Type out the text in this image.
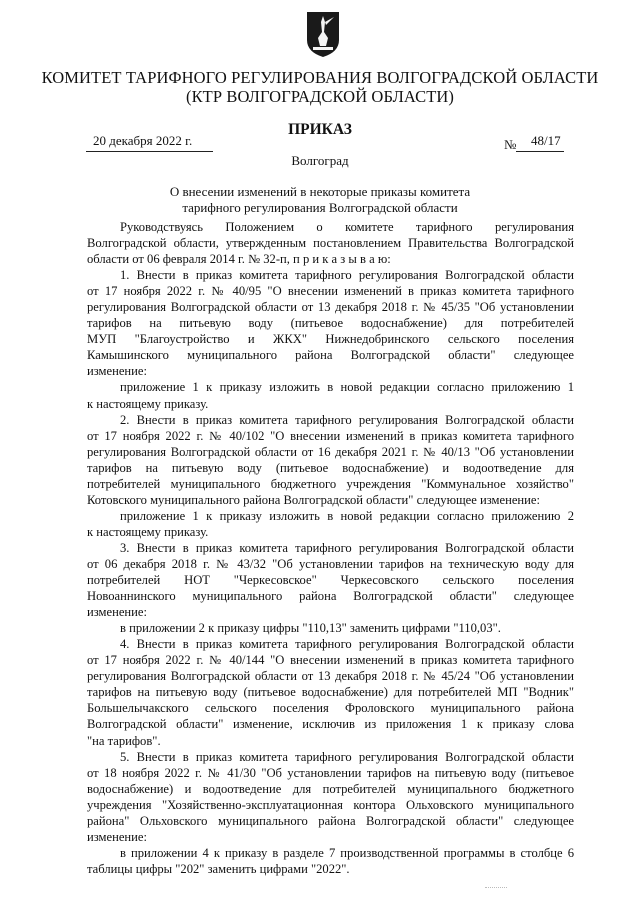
КОМИТЕТ ТАРИФНОГО РЕГУЛИРОВАНИЯ ВОЛГОГРАДСКОЙ ОБЛАСТИ
(КТР ВОЛГОГРАДСКОЙ ОБЛАСТИ)
ПРИКАЗ
20 декабря 2022 г.	№ 48/17
Волгоград
О внесении изменений в некоторые приказы комитета
тарифного регулирования Волгоградской области
Руководствуясь Положением о комитете тарифного регулирования
Волгоградской области, утвержденным постановлением Правительства Волгоградской
области от 06 февраля 2014 г. № 32-п, п р и к а з ы в а ю:
1. Внести в приказ комитета тарифного регулирования Волгоградской области
от 17 ноября 2022 г. № 40/95 "О внесении изменений в приказ комитета тарифного
регулирования Волгоградской области от 13 декабря 2018 г. № 45/35 "Об установлении
тарифов на питьевую воду (питьевое водоснабжение) для потребителей
МУП "Благоустройство и ЖКХ" Нижнедобринского сельского поселения
Камышинского муниципального района Волгоградской области" следующее
изменение:
приложение 1 к приказу изложить в новой редакции согласно приложению 1
к настоящему приказу.
2. Внести в приказ комитета тарифного регулирования Волгоградской области
от 17 ноября 2022 г. № 40/102 "О внесении изменений в приказ комитета тарифного
регулирования Волгоградской области от 16 декабря 2021 г. № 40/13 "Об установлении
тарифов на питьевую воду (питьевое водоснабжение) и водоотведение для
потребителей муниципального бюджетного учреждения "Коммунальное хозяйство"
Котовского муниципального района Волгоградской области" следующее изменение:
приложение 1 к приказу изложить в новой редакции согласно приложению 2
к настоящему приказу.
3. Внести в приказ комитета тарифного регулирования Волгоградской области
от 06 декабря 2018 г. № 43/32 "Об установлении тарифов на техническую воду для
потребителей НОТ "Черкесовское" Черкесовского сельского поселения
Новоаннинского муниципального района Волгоградской области" следующее
изменение:
в приложении 2 к приказу цифры "110,13" заменить цифрами "110,03".
4. Внести в приказ комитета тарифного регулирования Волгоградской области
от 17 ноября 2022 г. № 40/144 "О внесении изменений в приказ комитета тарифного
регулирования Волгоградской области от 13 декабря 2018 г. № 45/24 "Об установлении
тарифов на питьевую воду (питьевое водоснабжение) для потребителей МП "Водник"
Большелычакского сельского поселения Фроловского муниципального района
Волгоградской области" изменение, исключив из приложения 1 к приказу слова
"на тарифов".
5. Внести в приказ комитета тарифного регулирования Волгоградской области
от 18 ноября 2022 г. № 41/30 "Об установлении тарифов на питьевую воду (питьевое
водоснабжение) и водоотведение для потребителей муниципального бюджетного
учреждения "Хозяйственно-эксплуатационная контора Ольховского муниципального
района" Ольховского муниципального района Волгоградской области" следующее
изменение:
в приложении 4 к приказу в разделе 7 производственной программы в столбце 6
таблицы цифры "202" заменить цифрами "2022".
